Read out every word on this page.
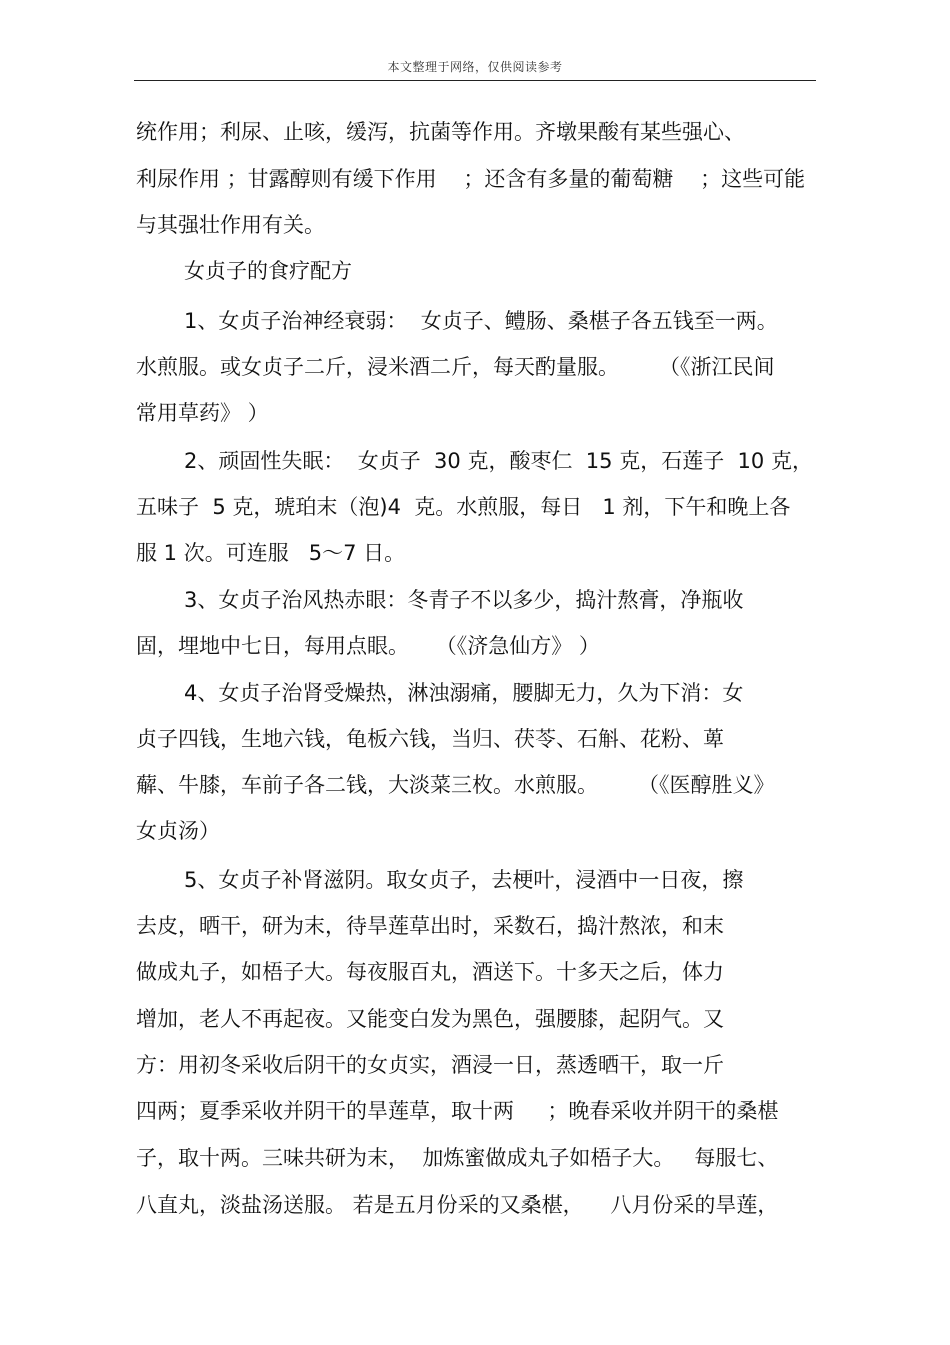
本文整理于网络，仅供阅读参考
统作用；利尿、止咳，缓泻，抗菌等作用。齐墩果酸有某些强心、
利尿作用 ；甘露醇则有缓下作用    ；还含有多量的葡萄糖    ；这些可能
与其强壮作用有关。
女贞子的食疗配方
1、女贞子治神经衰弱：  女贞子、鳢肠、桑椹子各五钱至一两。
水煎服。或女贞子二斤，浸米酒二斤，每天酌量服。      （《浙江民间
常用草药》 ）
2、顽固性失眠：  女贞子  30 克，酸枣仁  15 克，石莲子  10 克，
五味子  5 克，琥珀末（泡)4  克。水煎服，每日   1 剂，下午和晚上各
服 1 次。可连服   5～7 日。
3、女贞子治风热赤眼：冬青子不以多少，捣汁熬膏，净瓶收
固，埋地中七日，每用点眼。    （《济急仙方》 ）
4、女贞子治肾受燥热，淋浊溺痛，腰脚无力，久为下消：女
贞子四钱，生地六钱，龟板六钱，当归、茯苓、石斛、花粉、萆
薢、牛膝，车前子各二钱，大淡菜三枚。水煎服。      （《医醇胜义》
女贞汤）
5、女贞子补肾滋阴。取女贞子，去梗叶，浸酒中一日夜，擦
去皮，晒干，研为末，待旱莲草出时，采数石，捣汁熬浓，和末
做成丸子，如梧子大。每夜服百丸，酒送下。十多天之后，体力
增加，老人不再起夜。又能变白发为黑色，强腰膝，起阴气。又
方：用初冬采收后阴干的女贞实，酒浸一日，蒸透晒干，取一斤
四两；夏季采收并阴干的旱莲草，取十两     ；晚春采收并阴干的桑椹
子，取十两。三味共研为末，  加炼蜜做成丸子如梧子大。   每服七、
八直丸，淡盐汤送服。 若是五月份采的又桑椹，    八月份采的旱莲，
